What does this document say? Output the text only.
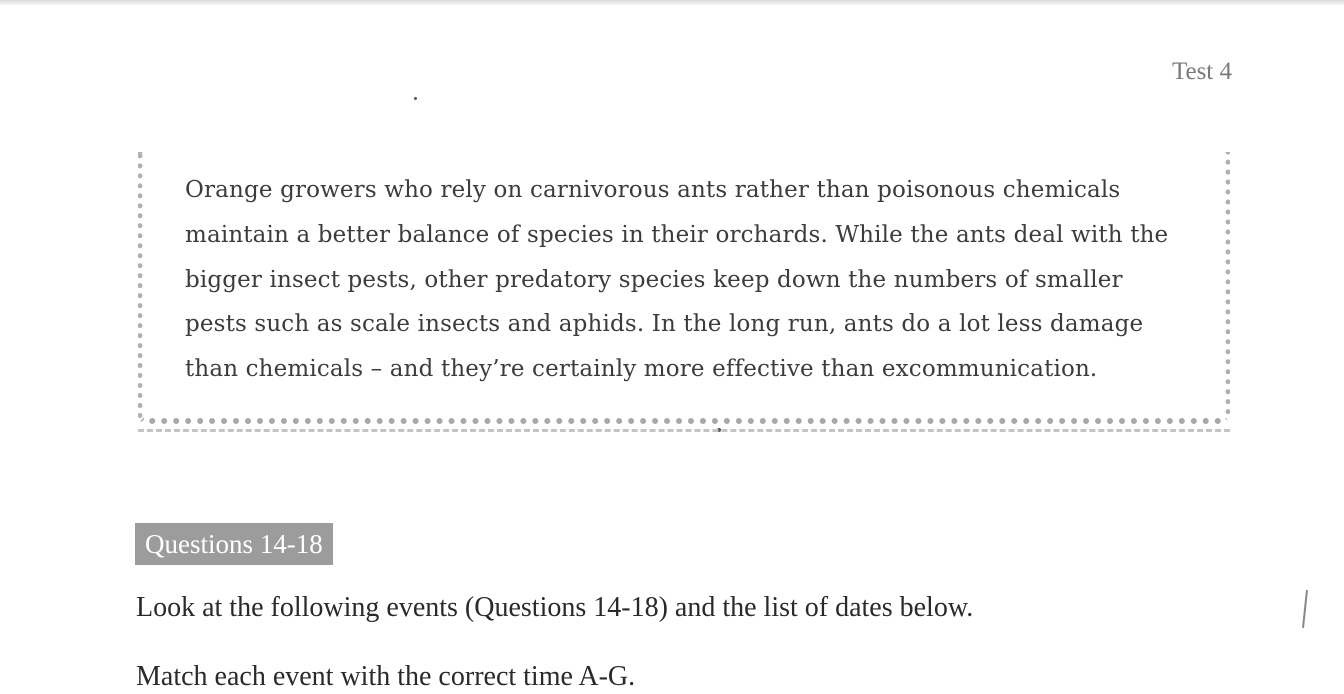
Test 4
Orange growers who rely on carnivorous ants rather than poisonous chemicals
maintain a better balance of species in their orchards. While the ants deal with the
bigger insect pests, other predatory species keep down the numbers of smaller
pests such as scale insects and aphids. In the long run, ants do a lot less damage
than chemicals – and they’re certainly more effective than excommunication.
Questions 14-18
Look at the following events (Questions 14-18) and the list of dates below.
Match each event with the correct time A-G.
